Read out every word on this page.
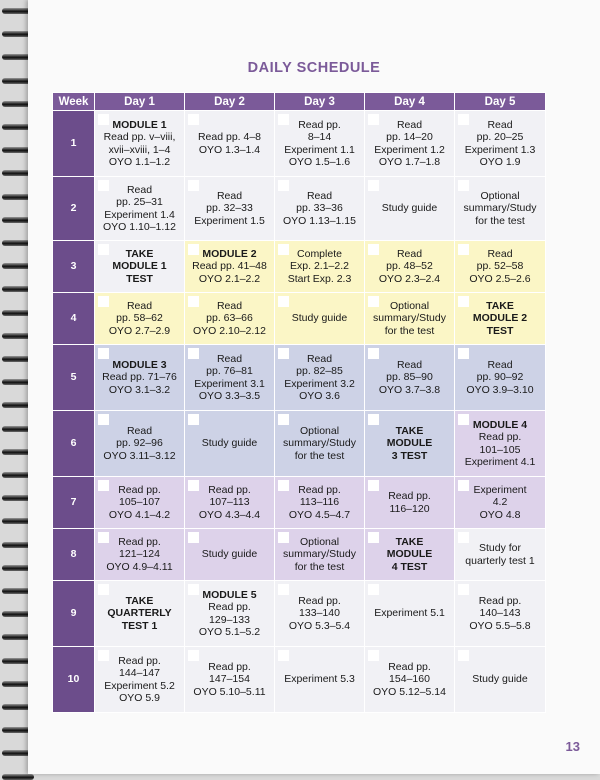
DAILY SCHEDULE
Week	Day 1	Day 2	Day 3	Day 4	Day 5
1	MODULE 1
Read pp. v–viii,
xvii–xviii, 1–4
OYO 1.1–1.2	Read pp. 4–8
OYO 1.3–1.4	Read pp.
8–14
Experiment 1.1
OYO 1.5–1.6	Read
pp. 14–20
Experiment 1.2
OYO 1.7–1.8	Read
pp. 20–25
Experiment 1.3
OYO 1.9
2	Read
pp. 25–31
Experiment 1.4
OYO 1.10–1.12	Read
pp. 32–33
Experiment 1.5	Read
pp. 33–36
OYO 1.13–1.15	Study guide	Optional
summary/Study
for the test
3	TAKE
MODULE 1
TEST	MODULE 2
Read pp. 41–48
OYO 2.1–2.2	Complete
Exp. 2.1–2.2
Start Exp. 2.3	Read
pp. 48–52
OYO 2.3–2.4	Read
pp. 52–58
OYO 2.5–2.6
4	Read
pp. 58–62
OYO 2.7–2.9	Read
pp. 63–66
OYO 2.10–2.12	Study guide	Optional
summary/Study
for the test	TAKE
MODULE 2
TEST
5	MODULE 3
Read pp. 71–76
OYO 3.1–3.2	Read
pp. 76–81
Experiment 3.1
OYO 3.3–3.5	Read
pp. 82–85
Experiment 3.2
OYO 3.6	Read
pp. 85–90
OYO 3.7–3.8	Read
pp. 90–92
OYO 3.9–3.10
6	Read
pp. 92–96
OYO 3.11–3.12	Study guide	Optional
summary/Study
for the test	TAKE
MODULE
3 TEST	MODULE 4
Read pp.
101–105
Experiment 4.1
7	Read pp.
105–107
OYO 4.1–4.2	Read pp.
107–113
OYO 4.3–4.4	Read pp.
113–116
OYO 4.5–4.7	Read pp.
116–120	Experiment
4.2
OYO 4.8
8	Read pp.
121–124
OYO 4.9–4.11	Study guide	Optional
summary/Study
for the test	TAKE
MODULE
4 TEST	Study for
quarterly test 1
9	TAKE
QUARTERLY
TEST 1	MODULE 5
Read pp.
129–133
OYO 5.1–5.2	Read pp.
133–140
OYO 5.3–5.4	Experiment 5.1	Read pp.
140–143
OYO 5.5–5.8
10	Read pp.
144–147
Experiment 5.2
OYO 5.9	Read pp.
147–154
OYO 5.10–5.11	Experiment 5.3	Read pp.
154–160
OYO 5.12–5.14	Study guide
13
